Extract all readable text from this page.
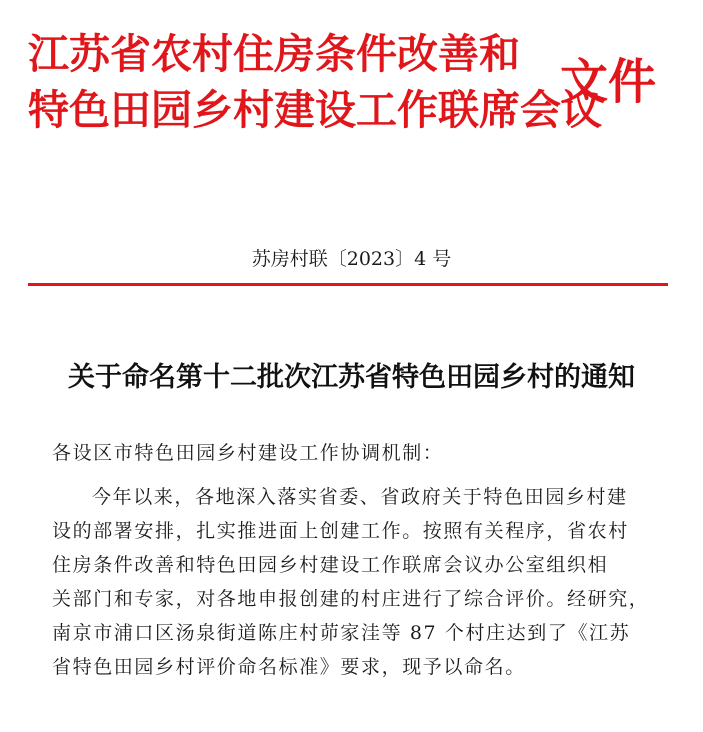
江苏省农村住房条件改善和
特色田园乡村建设工作联席会议
文件
苏房村联〔2023〕4 号
关于命名第十二批次江苏省特色田园乡村的通知
各设区市特色田园乡村建设工作协调机制：
今年以来，各地深入落实省委、省政府关于特色田园乡村建
设的部署安排，扎实推进面上创建工作。按照有关程序，省农村
住房条件改善和特色田园乡村建设工作联席会议办公室组织相
关部门和专家，对各地申报创建的村庄进行了综合评价。经研究，
南京市浦口区汤泉街道陈庄村茆家洼等 87 个村庄达到了《江苏
省特色田园乡村评价命名标准》要求，现予以命名。
